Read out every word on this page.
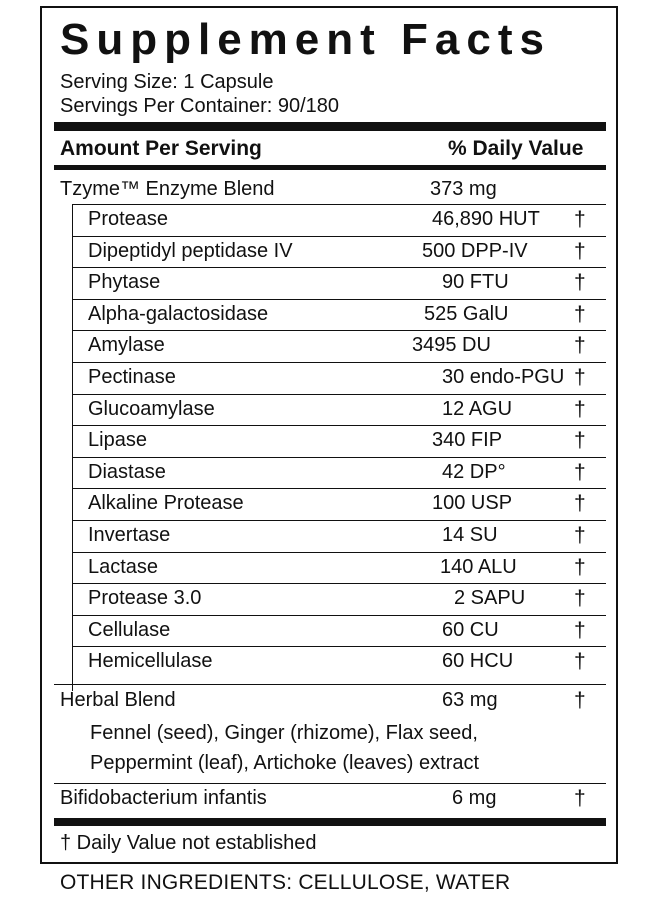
Supplement Facts
Serving Size: 1 Capsule
Servings Per Container: 90/180
Amount Per Serving	% Daily Value
Tzyme™ Enzyme Blend	373 mg
Protease	46,890 HUT †
Dipeptidyl peptidase IV	500 DPP-IV †
Phytase	90 FTU	†
Alpha-galactosidase	525 GalU	†
Amylase	3495 DU	†
Pectinase	30 endo-PGU †
Glucoamylase	12 AGU	†
Lipase	340 FIP	†
Diastase	42 DP°	†
Alkaline Protease	100 USP	†
Invertase	14 SU	†
Lactase	140 ALU	†
Protease 3.0	2 SAPU †
Cellulase	60 CU	†
Hemicellulase	60 HCU	†
Herbal Blend	63 mg	†
Fennel (seed), Ginger (rhizome), Flax seed,
Peppermint (leaf), Artichoke (leaves) extract
Bifidobacterium infantis	6 mg	†
† Daily Value not established
OTHER INGREDIENTS: CELLULOSE, WATER
